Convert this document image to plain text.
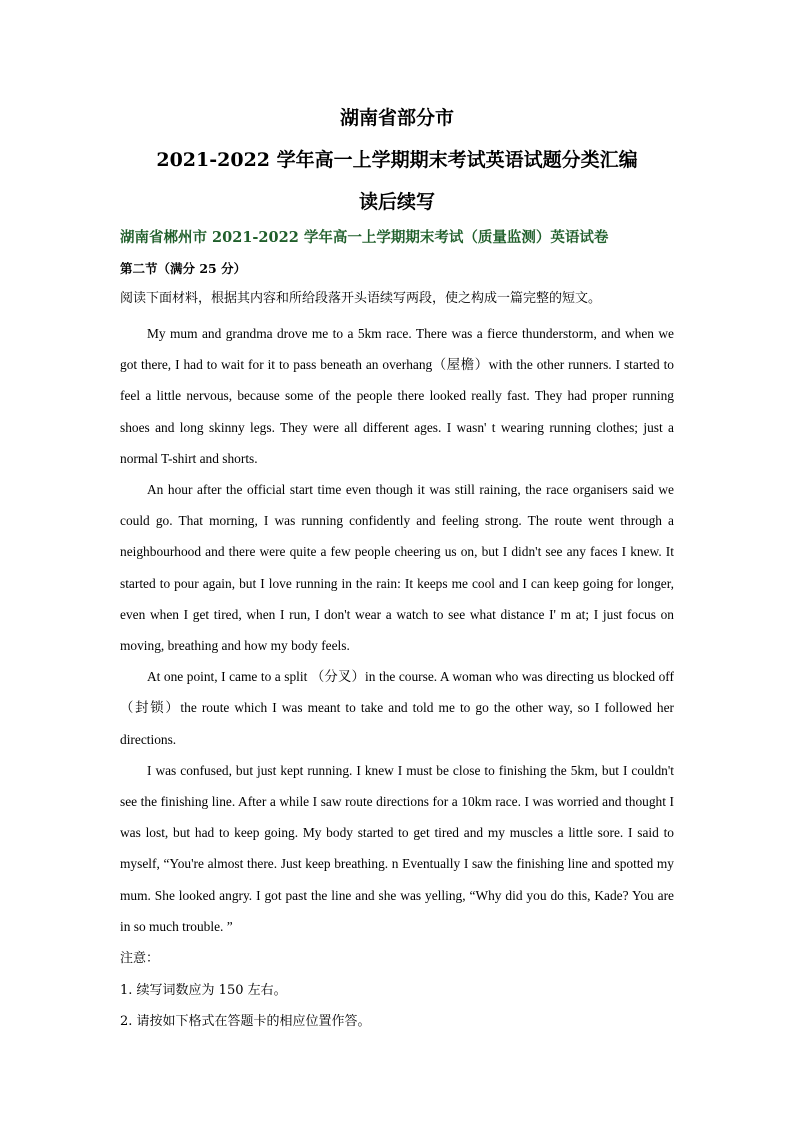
湖南省部分市
2021-2022 学年高一上学期期末考试英语试题分类汇编
读后续写
湖南省郴州市 2021-2022 学年高一上学期期末考试（质量监测）英语试卷
第二节（满分 25 分）
阅读下面材料，根据其内容和所给段落开头语续写两段，使之构成一篇完整的短文。

My mum and grandma drove me to a 5km race. There was a fierce thunderstorm, and when we got there, I had to wait for it to pass beneath an overhang（屋檐）with the other runners. I started to feel a little nervous, because some of the people there looked really fast. They had proper running shoes and long skinny legs. They were all different ages. I wasn' t wearing running clothes; just a normal T-shirt and shorts.

An hour after the official start time even though it was still raining, the race organisers said we could go. That morning, I was running confidently and feeling strong. The route went through a neighbourhood and there were quite a few people cheering us on, but I didn't see any faces I knew. It started to pour again, but I love running in the rain: It keeps me cool and I can keep going for longer, even when I get tired, when I run, I don't wear a watch to see what distance I' m at; I just focus on moving, breathing and how my body feels.

At one point, I came to a split （分叉）in the course. A woman who was directing us blocked off （封锁）the route which I was meant to take and told me to go the other way, so I followed her directions.

I was confused, but just kept running. I knew I must be close to finishing the 5km, but I couldn't see the finishing line. After a while I saw route directions for a 10km race. I was worried and thought I was lost, but had to keep going. My body started to get tired and my muscles a little sore. I said to myself, “You're almost there. Just keep breathing. n Eventually I saw the finishing line and spotted my mum. She looked angry. I got past the line and she was yelling, “Why did you do this, Kade? You are in so much trouble. ”

注意：
1. 续写词数应为 150 左右。
2. 请按如下格式在答题卡的相应位置作答。
